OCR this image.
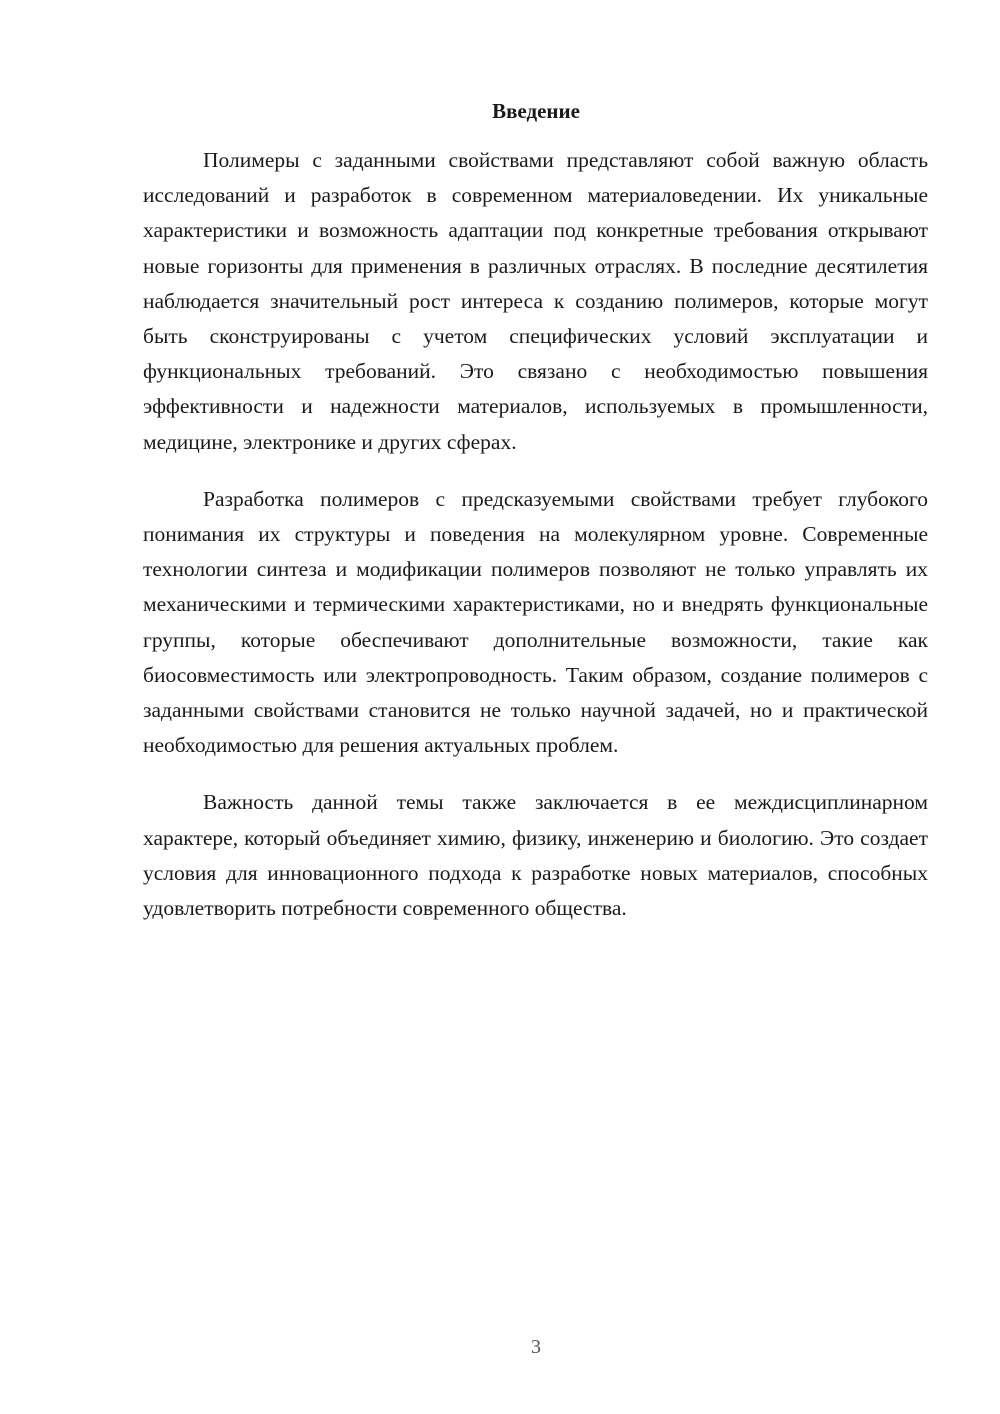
Введение

Полимеры с заданными свойствами представляют собой важную область исследований и разработок в современном материаловедении. Их уникальные характеристики и возможность адаптации под конкретные требования открывают новые горизонты для применения в различных отраслях. В последние десятилетия наблюдается значительный рост интереса к созданию полимеров, которые могут быть сконструированы с учетом специфических условий эксплуатации и функциональных требований. Это связано с необходимостью повышения эффективности и надежности материалов, используемых в промышленности, медицине, электронике и других сферах.

Разработка полимеров с предсказуемыми свойствами требует глубокого понимания их структуры и поведения на молекулярном уровне. Современные технологии синтеза и модификации полимеров позволяют не только управлять их механическими и термическими характеристиками, но и внедрять функциональные группы, которые обеспечивают дополнительные возможности, такие как биосовместимость или электропроводность. Таким образом, создание полимеров с заданными свойствами становится не только научной задачей, но и практической необходимостью для решения актуальных проблем.

Важность данной темы также заключается в ее междисциплинарном характере, который объединяет химию, физику, инженерию и биологию. Это создает условия для инновационного подхода к разработке новых материалов, способных удовлетворить потребности современного общества.

3
